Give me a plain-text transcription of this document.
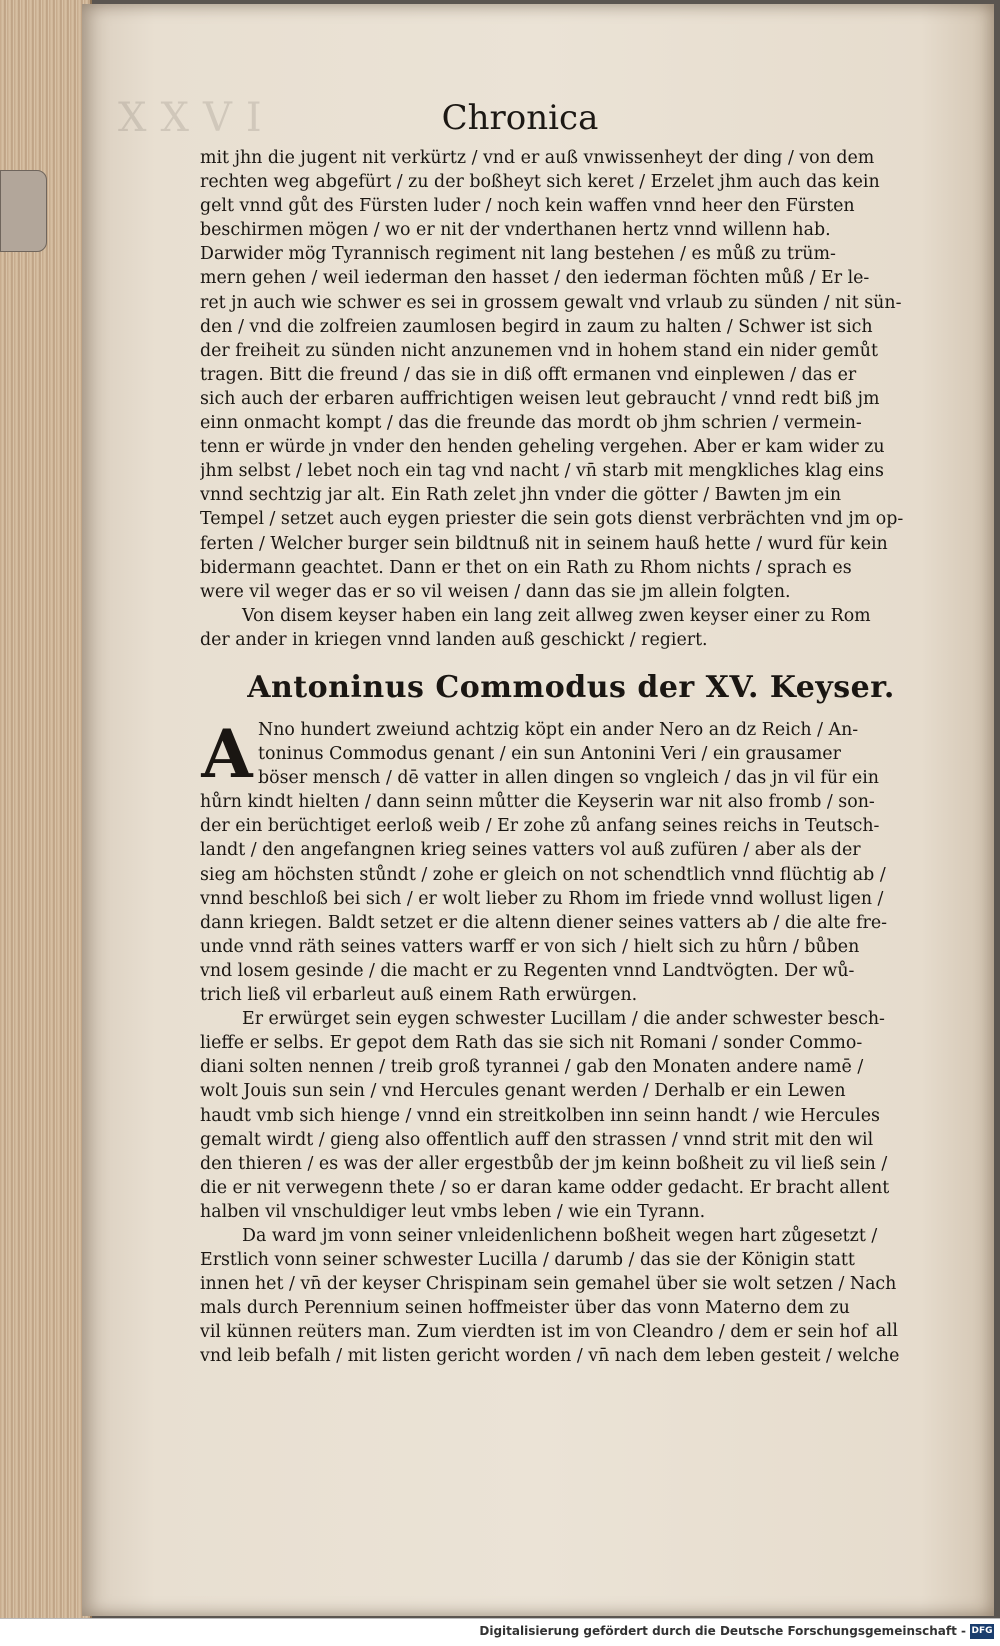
XXVI	Chronica
mit jhn die jugent nit verkürtz / vnd er auß vnwissenheyt der ding / von dem
rechten weg abgefürt / zu der boßheyt sich keret / Erzelet jhm auch das kein
gelt vnnd gůt des Fürsten luder / noch kein waffen vnnd heer den Fürsten
beschirmen mögen / wo er nit der vnderthanen hertz vnnd willenn hab.
Darwider mög Tyrannisch regiment nit lang bestehen / es můß zu trüm-
mern gehen / weil iederman den hasset / den iederman föchten můß / Er le-
ret jn auch wie schwer es sei in grossem gewalt vnd vrlaub zu sünden / nit sün-
den / vnd die zolfreien zaumlosen begird in zaum zu halten / Schwer ist sich
der freiheit zu sünden nicht anzunemen vnd in hohem stand ein nider gemůt
tragen. Bitt die freund / das sie in diß offt ermanen vnd einplewen / das er
sich auch der erbaren auffrichtigen weisen leut gebraucht / vnnd redt biß jm
einn onmacht kompt / das die freunde das mordt ob jhm schrien / vermein-
tenn er würde jn vnder den henden geheling vergehen. Aber er kam wider zu
jhm selbst / lebet noch ein tag vnd nacht / vn̄ starb mit mengkliches klag eins
vnnd sechtzig jar alt. Ein Rath zelet jhn vnder die götter / Bawten jm ein
Tempel / setzet auch eygen priester die sein gots dienst verbrächten vnd jm op-
ferten / Welcher burger sein bildtnuß nit in seinem hauß hette / wurd für kein
bidermann geachtet. Dann er thet on ein Rath zu Rhom nichts / sprach es
were vil weger das er so vil weisen / dann das sie jm allein folgten.
Von disem keyser haben ein lang zeit allweg zwen keyser einer zu Rom
der ander in kriegen vnnd landen auß geschickt / regiert.
Antoninus Commodus der XV. Keyser.
A Nno hundert zweiund achtzig köpt ein ander Nero an dz Reich / An-
toninus Commodus genant / ein sun Antonini Veri / ein grausamer
böser mensch / dē vatter in allen dingen so vngleich / das jn vil für ein
hůrn kindt hielten / dann seinn můtter die Keyserin war nit also fromb / son-
der ein berüchtiget eerloß weib / Er zohe zů anfang seines reichs in Teutsch-
landt / den angefangnen krieg seines vatters vol auß zufüren / aber als der
sieg am höchsten stůndt / zohe er gleich on not schendtlich vnnd flüchtig ab /
vnnd beschloß bei sich / er wolt lieber zu Rhom im friede vnnd wollust ligen /
dann kriegen. Baldt setzet er die altenn diener seines vatters ab / die alte fre-
unde vnnd räth seines vatters warff er von sich / hielt sich zu hůrn / bůben
vnd losem gesinde / die macht er zu Regenten vnnd Landtvögten. Der wů-
trich ließ vil erbarleut auß einem Rath erwürgen.
Er erwürget sein eygen schwester Lucillam / die ander schwester besch-
lieffe er selbs. Er gepot dem Rath das sie sich nit Romani / sonder Commo-
diani solten nennen / treib groß tyrannei / gab den Monaten andere namē /
wolt Jouis sun sein / vnd Hercules genant werden / Derhalb er ein Lewen
haudt vmb sich hienge / vnnd ein streitkolben inn seinn handt / wie Hercules
gemalt wirdt / gieng also offentlich auff den strassen / vnnd strit mit den wil
den thieren / es was der aller ergestbůb der jm keinn boßheit zu vil ließ sein /
die er nit verwegenn thete / so er daran kame odder gedacht. Er bracht allent
halben vil vnschuldiger leut vmbs leben / wie ein Tyrann.
Da ward jm vonn seiner vnleidenlichenn boßheit wegen hart zůgesetzt /
Erstlich vonn seiner schwester Lucilla / darumb / das sie der Königin statt
innen het / vn̄ der keyser Chrispinam sein gemahel über sie wolt setzen / Nach
mals durch Perennium seinen hoffmeister über das vonn Materno dem zu
vil künnen reüters man. Zum vierdten ist im von Cleandro / dem er sein hof
vnd leib befalh / mit listen gericht worden / vn̄ nach dem leben gesteit / welche
all
Digitalisierung gefördert durch die Deutsche Forschungsgemeinschaft - DFG
